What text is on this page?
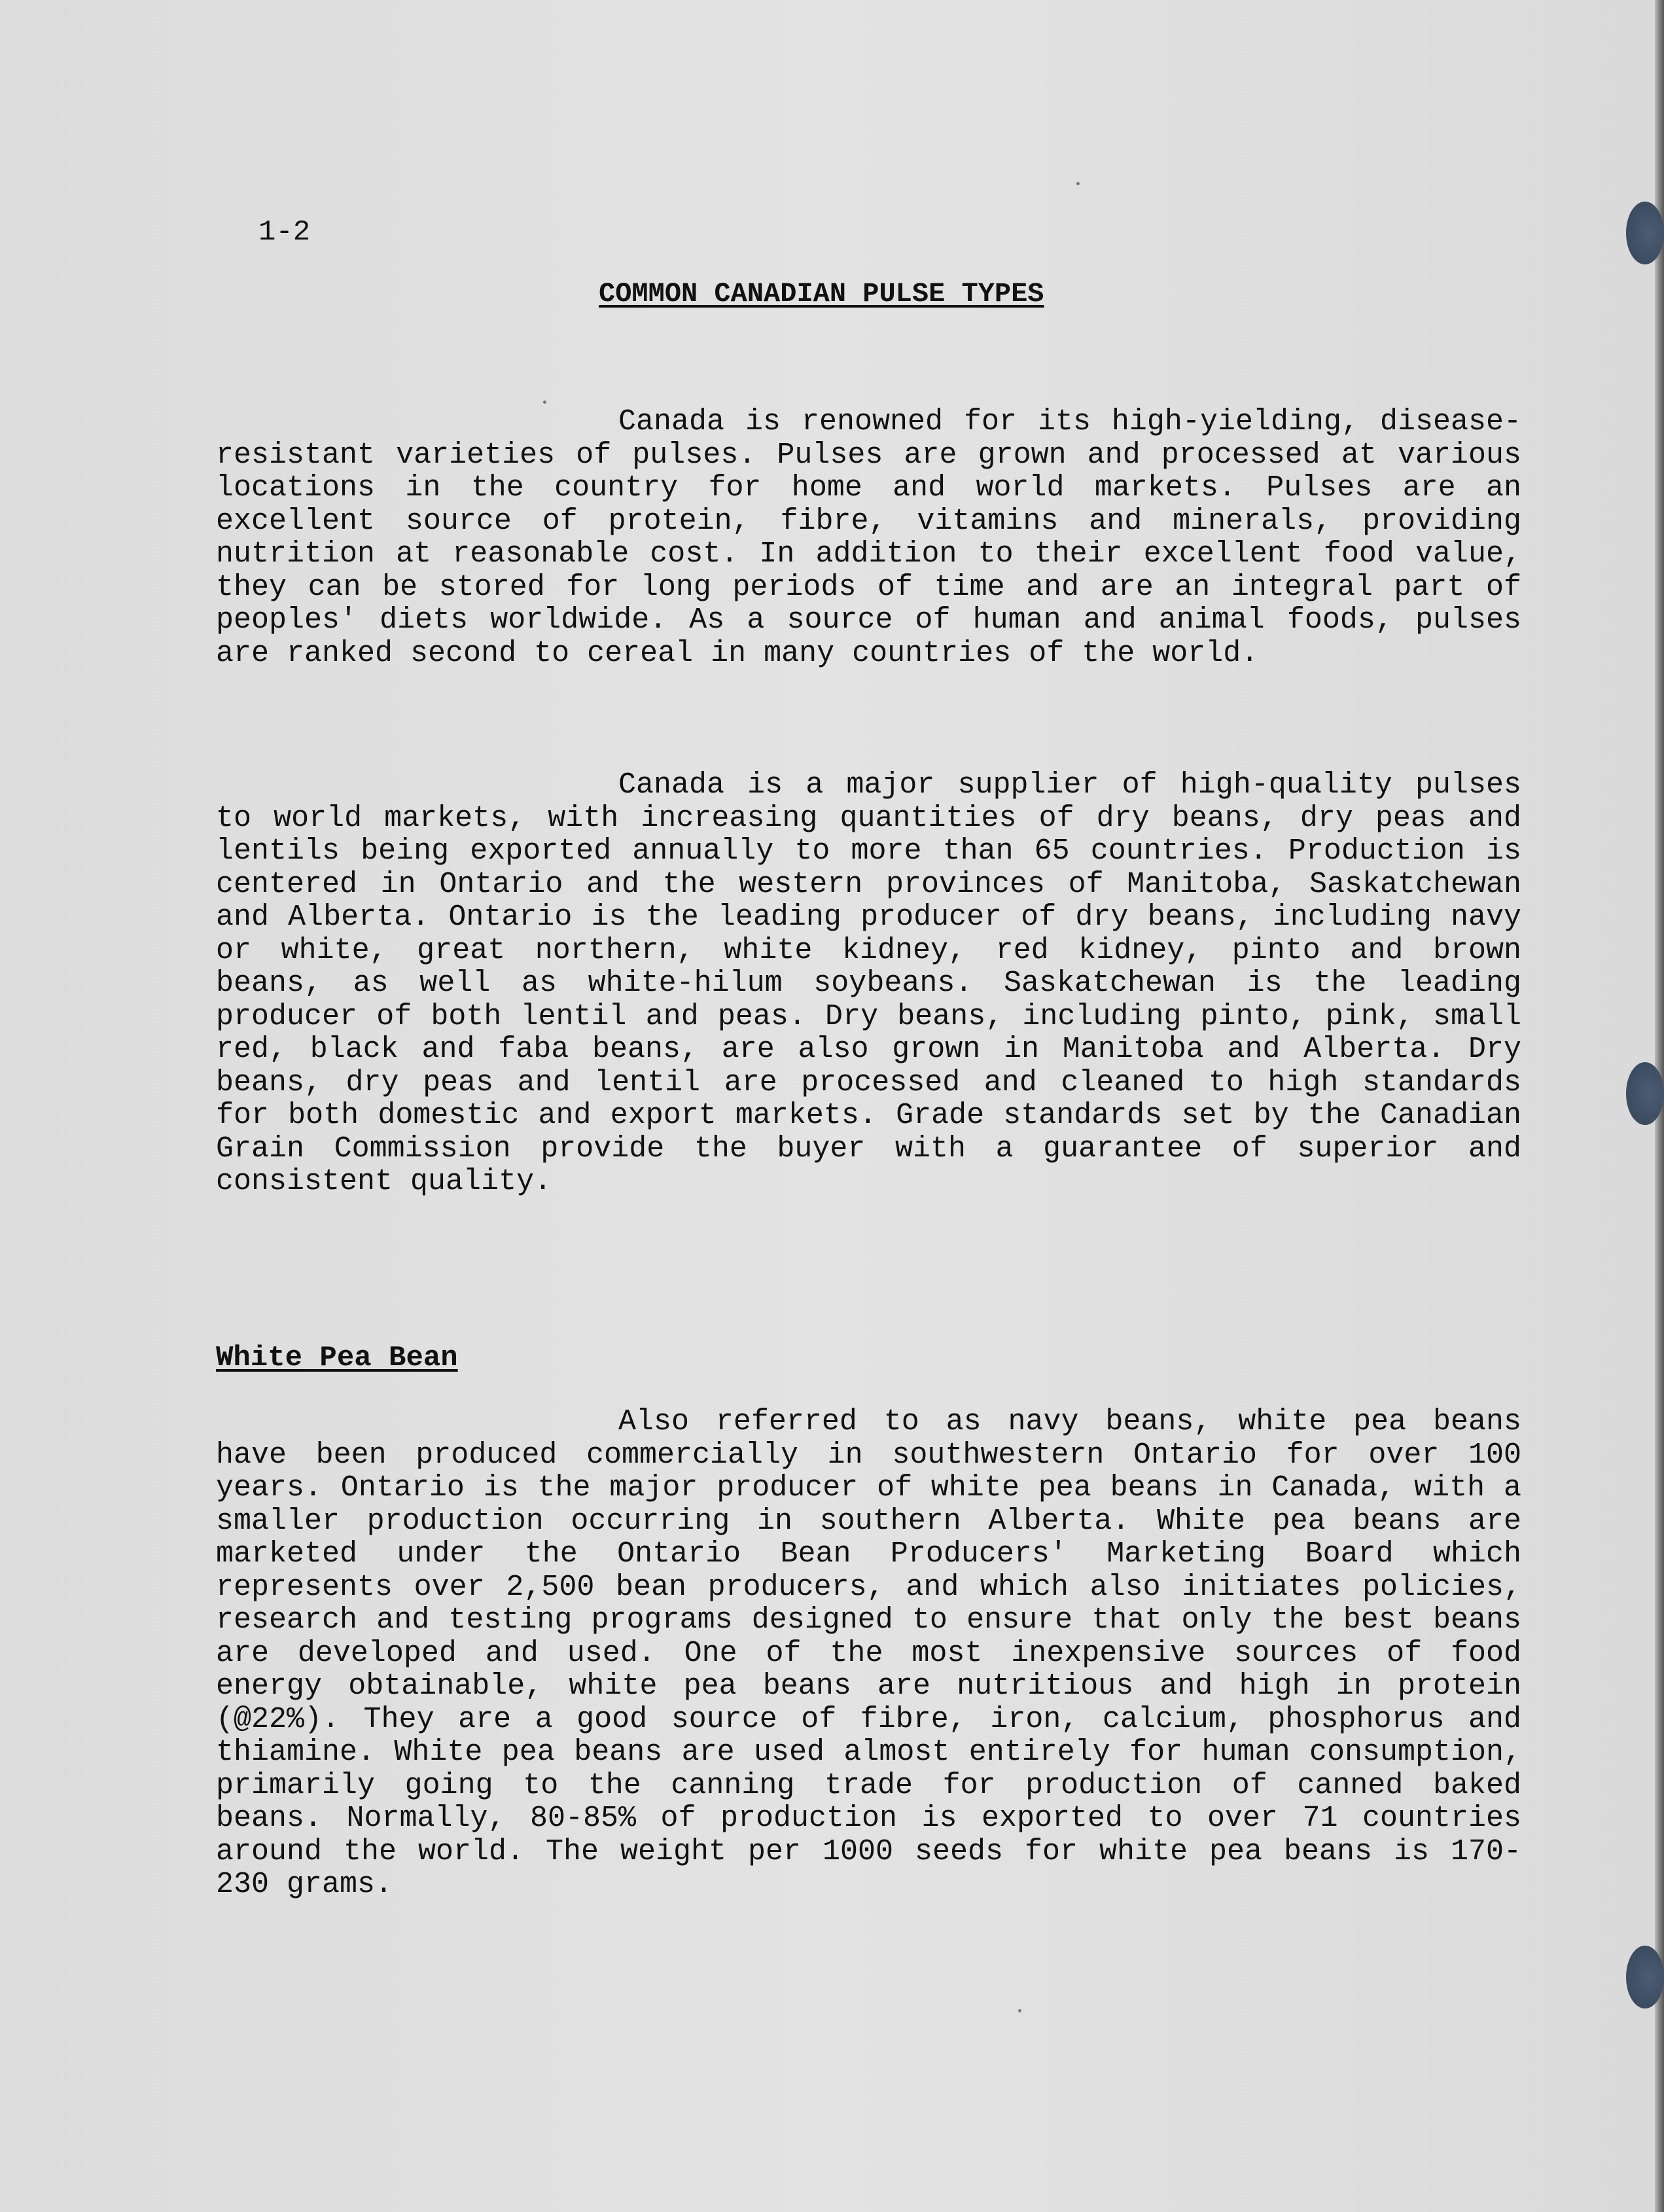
1-2
COMMON CANADIAN PULSE TYPES

Canada is renowned for its high-yielding, disease-resistant varieties of pulses. Pulses are grown and processed at various locations in the country for home and world markets. Pulses are an excellent source of protein, fibre, vitamins and minerals, providing nutrition at reasonable cost. In addition to their excellent food value, they can be stored for long periods of time and are an integral part of peoples' diets worldwide. As a source of human and animal foods, pulses are ranked second to cereal in many countries of the world.

Canada is a major supplier of high-quality pulses to world markets, with increasing quantities of dry beans, dry peas and lentils being exported annually to more than 65 countries. Production is centered in Ontario and the western provinces of Manitoba, Saskatchewan and Alberta. Ontario is the leading producer of dry beans, including navy or white, great northern, white kidney, red kidney, pinto and brown beans, as well as white-hilum soybeans. Saskatchewan is the leading producer of both lentil and peas. Dry beans, including pinto, pink, small red, black and faba beans, are also grown in Manitoba and Alberta. Dry beans, dry peas and lentil are processed and cleaned to high standards for both domestic and export markets. Grade standards set by the Canadian Grain Commission provide the buyer with a guarantee of superior and consistent quality.

White Pea Bean

Also referred to as navy beans, white pea beans have been produced commercially in southwestern Ontario for over 100 years. Ontario is the major producer of white pea beans in Canada, with a smaller production occurring in southern Alberta. White pea beans are marketed under the Ontario Bean Producers' Marketing Board which represents over 2,500 bean producers, and which also initiates policies, research and testing programs designed to ensure that only the best beans are developed and used. One of the most inexpensive sources of food energy obtainable, white pea beans are nutritious and high in protein (@22%). They are a good source of fibre, iron, calcium, phosphorus and thiamine. White pea beans are used almost entirely for human consumption, primarily going to the canning trade for production of canned baked beans. Normally, 80-85% of production is exported to over 71 countries around the world. The weight per 1000 seeds for white pea beans is 170-230 grams.
